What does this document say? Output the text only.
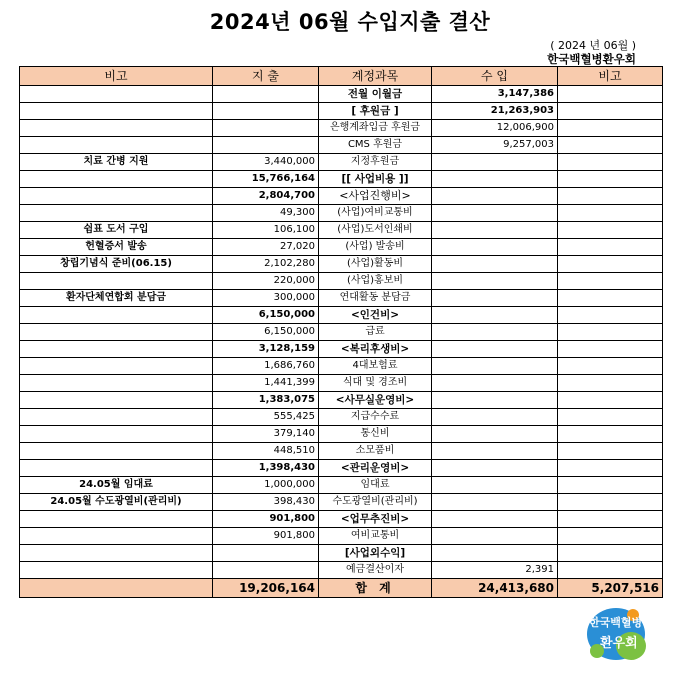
2024년 06월 수입지출 결산
( 2024 년 06월 )
한국백혈병환우회
비고	지 출	계정과목	수 입	비고
		전월 이월금	3,147,386	
		[ 후원금 ]	21,263,903	
		은행계좌입금 후원금	12,006,900	
		CMS 후원금	9,257,003	
치료 간병 지원	3,440,000	지정후원금		
	15,766,164	[[ 사업비용 ]]		
	2,804,700	<사업진행비>		
	49,300	(사업)여비교통비		
쉼표 도서 구입	106,100	(사업)도서인쇄비		
헌혈증서 발송	27,020	(사업) 발송비		
창립기념식 준비(06.15)	2,102,280	(사업)활동비		
	220,000	(사업)홍보비		
환자단체연합회 분담금	300,000	연대활동 분담금		
	6,150,000	<인건비>		
	6,150,000	급료		
	3,128,159	<복리후생비>		
	1,686,760	4대보험료		
	1,441,399	식대 및 경조비		
	1,383,075	<사무실운영비>		
	555,425	지급수수료		
	379,140	통신비		
	448,510	소모품비		
	1,398,430	<관리운영비>		
24.05월 임대료	1,000,000	임대료		
24.05월 수도광열비(관리비)	398,430	수도광열비(관리비)		
	901,800	<업무추진비>		
	901,800	여비교통비		
		[사업외수익]		
		예금결산이자	2,391	
	19,206,164	합 계	24,413,680	5,207,516
한국백혈병
환우회
